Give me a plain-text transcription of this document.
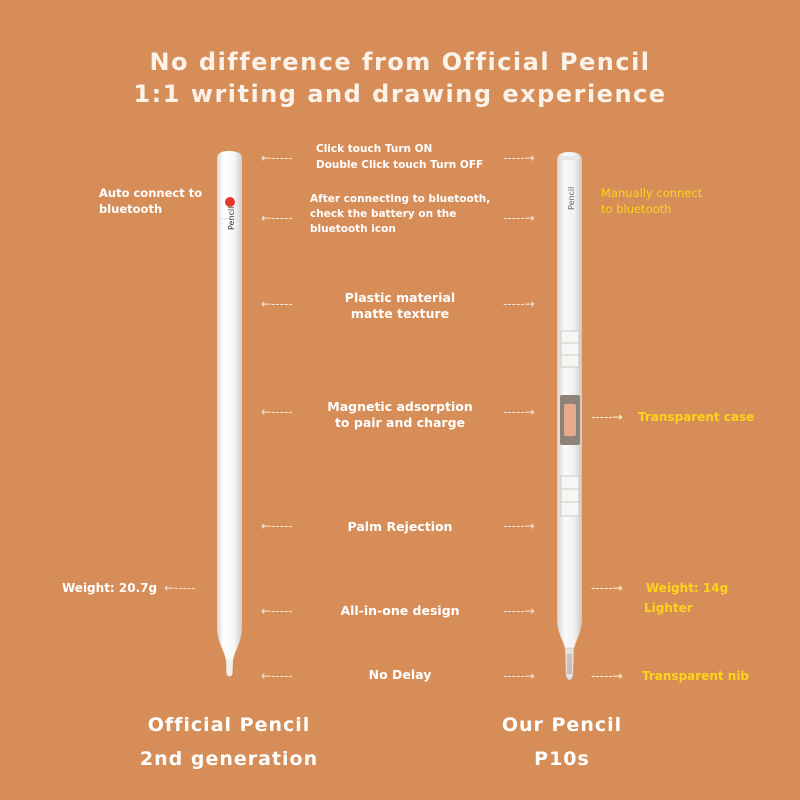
No difference from Official Pencil
1:1 writing and drawing experience
Click touch Turn ON
Double Click touch Turn OFF
After connecting to bluetooth,
check the battery on the
bluetooth icon
Plastic material
matte texture
Magnetic adsorption
to pair and charge
Palm Rejection
All-in-one design
No Delay
←-----
←-----
←-----
←-----
←-----
←-----
←-----
-----→
-----→
-----→
-----→
-----→
-----→
-----→
Auto connect to
bluetooth
Weight: 20.7g ←-----
Manually connect
to bluetooth
-----→ Transparent case
-----→ Weight: 14g
Lighter
-----→ Transparent nib
Pencil
Pencil
Official Pencil
2nd generation
Our Pencil
P10s
